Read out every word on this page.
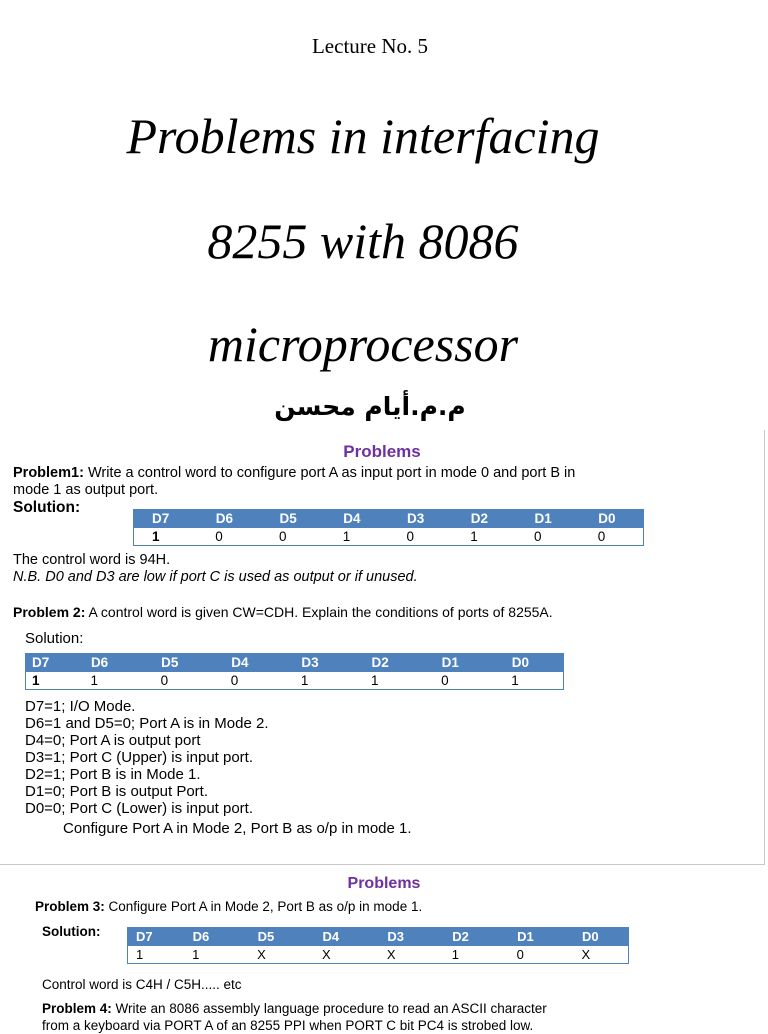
Lecture No. 5
Problems in interfacing
8255 with 8086
microprocessor
م.م.أيام محسن
Problems
Problem1: Write a control word to configure port A as input port in mode 0 and port B in
mode 1 as output port.
Solution:
D7	D6	D5	D4	D3	D2	D1	D0
1	0	0	1	0	1	0	0
The control word is 94H.
N.B. D0 and D3 are low if port C is used as output or if unused.
Problem 2: A control word is given CW=CDH. Explain the conditions of ports of 8255A.
Solution:
D7	D6	D5	D4	D3	D2	D1	D0
1	1	0	0	1	1	0	1
D7=1; I/O Mode.
D6=1 and D5=0; Port A is in Mode 2.
D4=0; Port A is output port
D3=1; Port C (Upper) is input port.
D2=1; Port B is in Mode 1.
D1=0; Port B is output Port.
D0=0; Port C (Lower) is input port.
Configure Port A in Mode 2, Port B as o/p in mode 1.
Problems
Problem 3: Configure Port A in Mode 2, Port B as o/p in mode 1.
Solution:	D7	D6	D5	D4	D3	D2	D1	D0
1	1	X	X	X	1	0	X
Control word is C4H / C5H..... etc
Problem 4: Write an 8086 assembly language procedure to read an ASCII character
from a keyboard via PORT A of an 8255 PPI when PORT C bit PC4 is strobed low.
